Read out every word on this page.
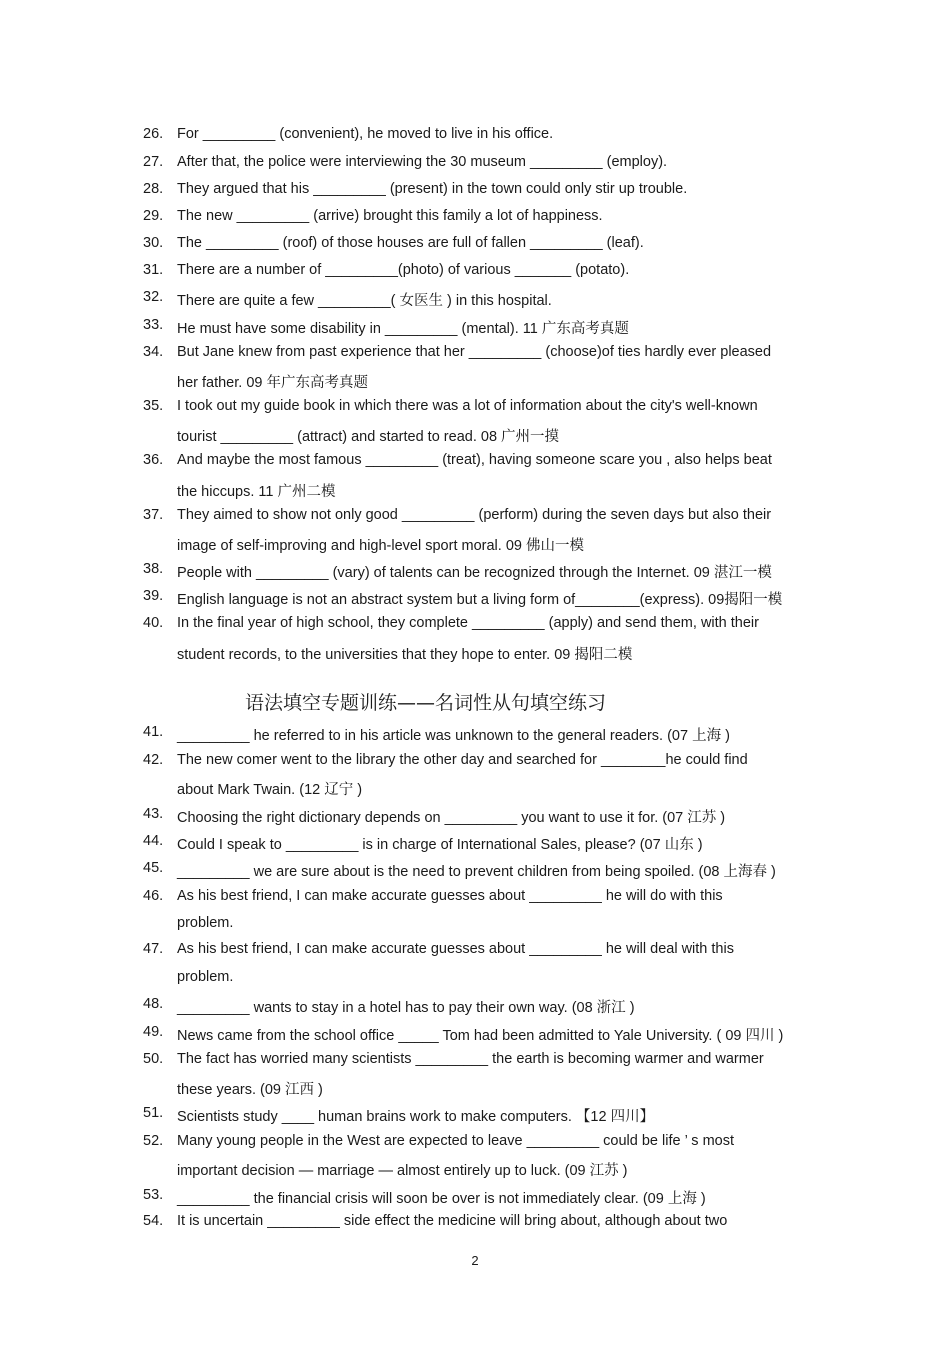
26. For _________ (convenient), he moved to live in his office.
27. After that, the police were interviewing the 30 museum _________ (employ).
28. They argued that his _________ (present) in the town could only stir up trouble.
29. The new _________ (arrive) brought this family a lot of happiness.
30. The _________ (roof) of those houses are full of fallen _________ (leaf).
31. There are a number of _________(photo) of various _______ (potato).
32. There are quite a few _________( 女医生 ) in this hospital.
33. He must have some disability in _________ (mental). 11 广东高考真题
34. But Jane knew from past experience that her _________ (choose)of ties hardly ever pleased
her father. 09 年广东高考真题
35. I took out my guide book in which there was a lot of information about the city's well-known
tourist _________ (attract) and started to read. 08 广州一摸
36. And maybe the most famous _________ (treat), having someone scare you , also helps beat
the hiccups. 11 广州二模
37. They aimed to show not only good _________ (perform) during the seven days but also their
image of self-improving and high-level sport moral. 09 佛山一模
38. People with _________ (vary) of talents can be recognized through the Internet. 09 湛江一模
39. English language is not an abstract system but a living form of________(express). 09揭阳一模
40. In the final year of high school, they complete _________ (apply) and send them, with their
student records, to the universities that they hope to enter. 09 揭阳二模
语法填空专题训练——名词性从句填空练习
41. _________ he referred to in his article was unknown to the general readers. (07 上海 )
42. The new comer went to the library the other day and searched for ________he could find
about Mark Twain. (12 辽宁 )
43. Choosing the right dictionary depends on _________ you want to use it for. (07 江苏 )
44. Could I speak to _________ is in charge of International Sales, please? (07 山东 )
45. _________ we are sure about is the need to prevent children from being spoiled. (08 上海春 )
46. As his best friend, I can make accurate guesses about _________ he will do with this
problem.
47. As his best friend, I can make accurate guesses about _________ he will deal with this
problem.
48. _________ wants to stay in a hotel has to pay their own way. (08 浙江 )
49. News came from the school office _____ Tom had been admitted to Yale University. ( 09 四川 )
50. The fact has worried many scientists _________ the earth is becoming warmer and warmer
these years. (09 江西 )
51. Scientists study ____ human brains work to make computers. 【12 四川】
52. Many young people in the West are expected to leave _________ could be life ’ s most
important decision — marriage — almost entirely up to luck. (09 江苏 )
53. _________ the financial crisis will soon be over is not immediately clear. (09 上海 )
54. It is uncertain _________ side effect the medicine will bring about, although about two
2
